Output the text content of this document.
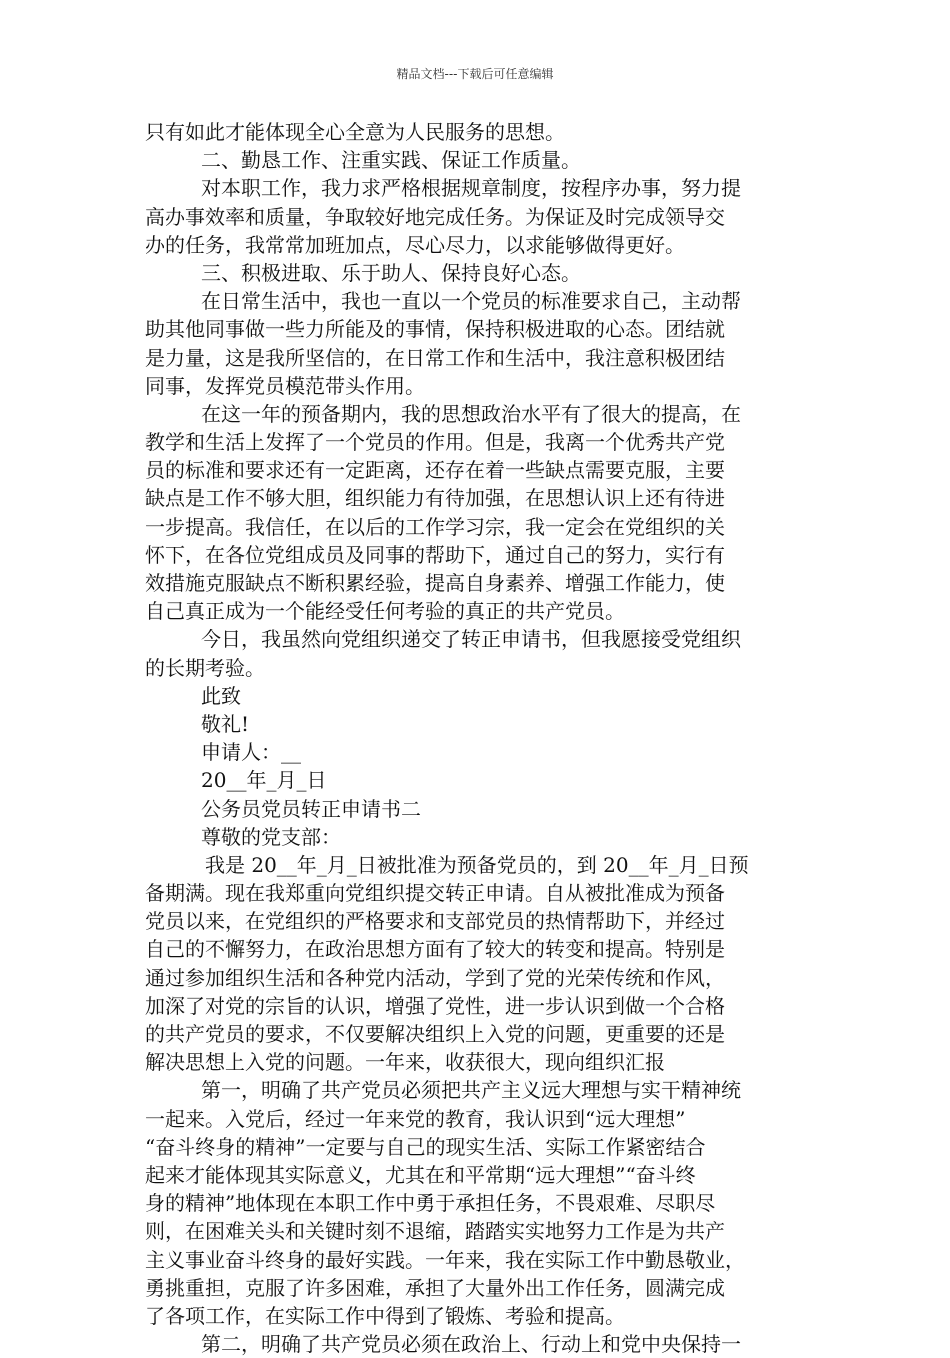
精品文档---下载后可任意编辑
只有如此才能体现全心全意为人民服务的思想。
二、勤恳工作、注重实践、保证工作质量。
对本职工作，我力求严格根据规章制度，按程序办事，努力提
高办事效率和质量，争取较好地完成任务。为保证及时完成领导交
办的任务，我常常加班加点，尽心尽力，以求能够做得更好。
三、积极进取、乐于助人、保持良好心态。
在日常生活中，我也一直以一个党员的标准要求自己，主动帮
助其他同事做一些力所能及的事情，保持积极进取的心态。团结就
是力量，这是我所坚信的，在日常工作和生活中，我注意积极团结
同事，发挥党员模范带头作用。
在这一年的预备期内，我的思想政治水平有了很大的提高，在
教学和生活上发挥了一个党员的作用。但是，我离一个优秀共产党
员的标准和要求还有一定距离，还存在着一些缺点需要克服，主要
缺点是工作不够大胆，组织能力有待加强，在思想认识上还有待进
一步提高。我信任，在以后的工作学习宗，我一定会在党组织的关
怀下，在各位党组成员及同事的帮助下，通过自己的努力，实行有
效措施克服缺点不断积累经验，提高自身素养、增强工作能力，使
自己真正成为一个能经受任何考验的真正的共产党员。
今日，我虽然向党组织递交了转正申请书，但我愿接受党组织
的长期考验。
此致
敬礼!
申请人：__
20__年_月_日
公务员党员转正申请书二
尊敬的党支部：
我是 20__年_月_日被批准为预备党员的，到 20__年_月_日预
备期满。现在我郑重向党组织提交转正申请。自从被批准成为预备
党员以来，在党组织的严格要求和支部党员的热情帮助下，并经过
自己的不懈努力，在政治思想方面有了较大的转变和提高。特别是
通过参加组织生活和各种党内活动，学到了党的光荣传统和作风，
加深了对党的宗旨的认识，增强了党性，进一步认识到做一个合格
的共产党员的要求，不仅要解决组织上入党的问题，更重要的还是
解决思想上入党的问题。一年来，收获很大，现向组织汇报
第一，明确了共产党员必须把共产主义远大理想与实干精神统
一起来。入党后，经过一年来党的教育，我认识到“远大理想”
“奋斗终身的精神”一定要与自己的现实生活、实际工作紧密结合
起来才能体现其实际意义，尤其在和平常期“远大理想”“奋斗终
身的精神”地体现在本职工作中勇于承担任务，不畏艰难、尽职尽
则，在困难关头和关键时刻不退缩，踏踏实实地努力工作是为共产
主义事业奋斗终身的最好实践。一年来，我在实际工作中勤恳敬业，
勇挑重担，克服了许多困难，承担了大量外出工作任务，圆满完成
了各项工作，在实际工作中得到了锻炼、考验和提高。
第二，明确了共产党员必须在政治上、行动上和党中央保持一
